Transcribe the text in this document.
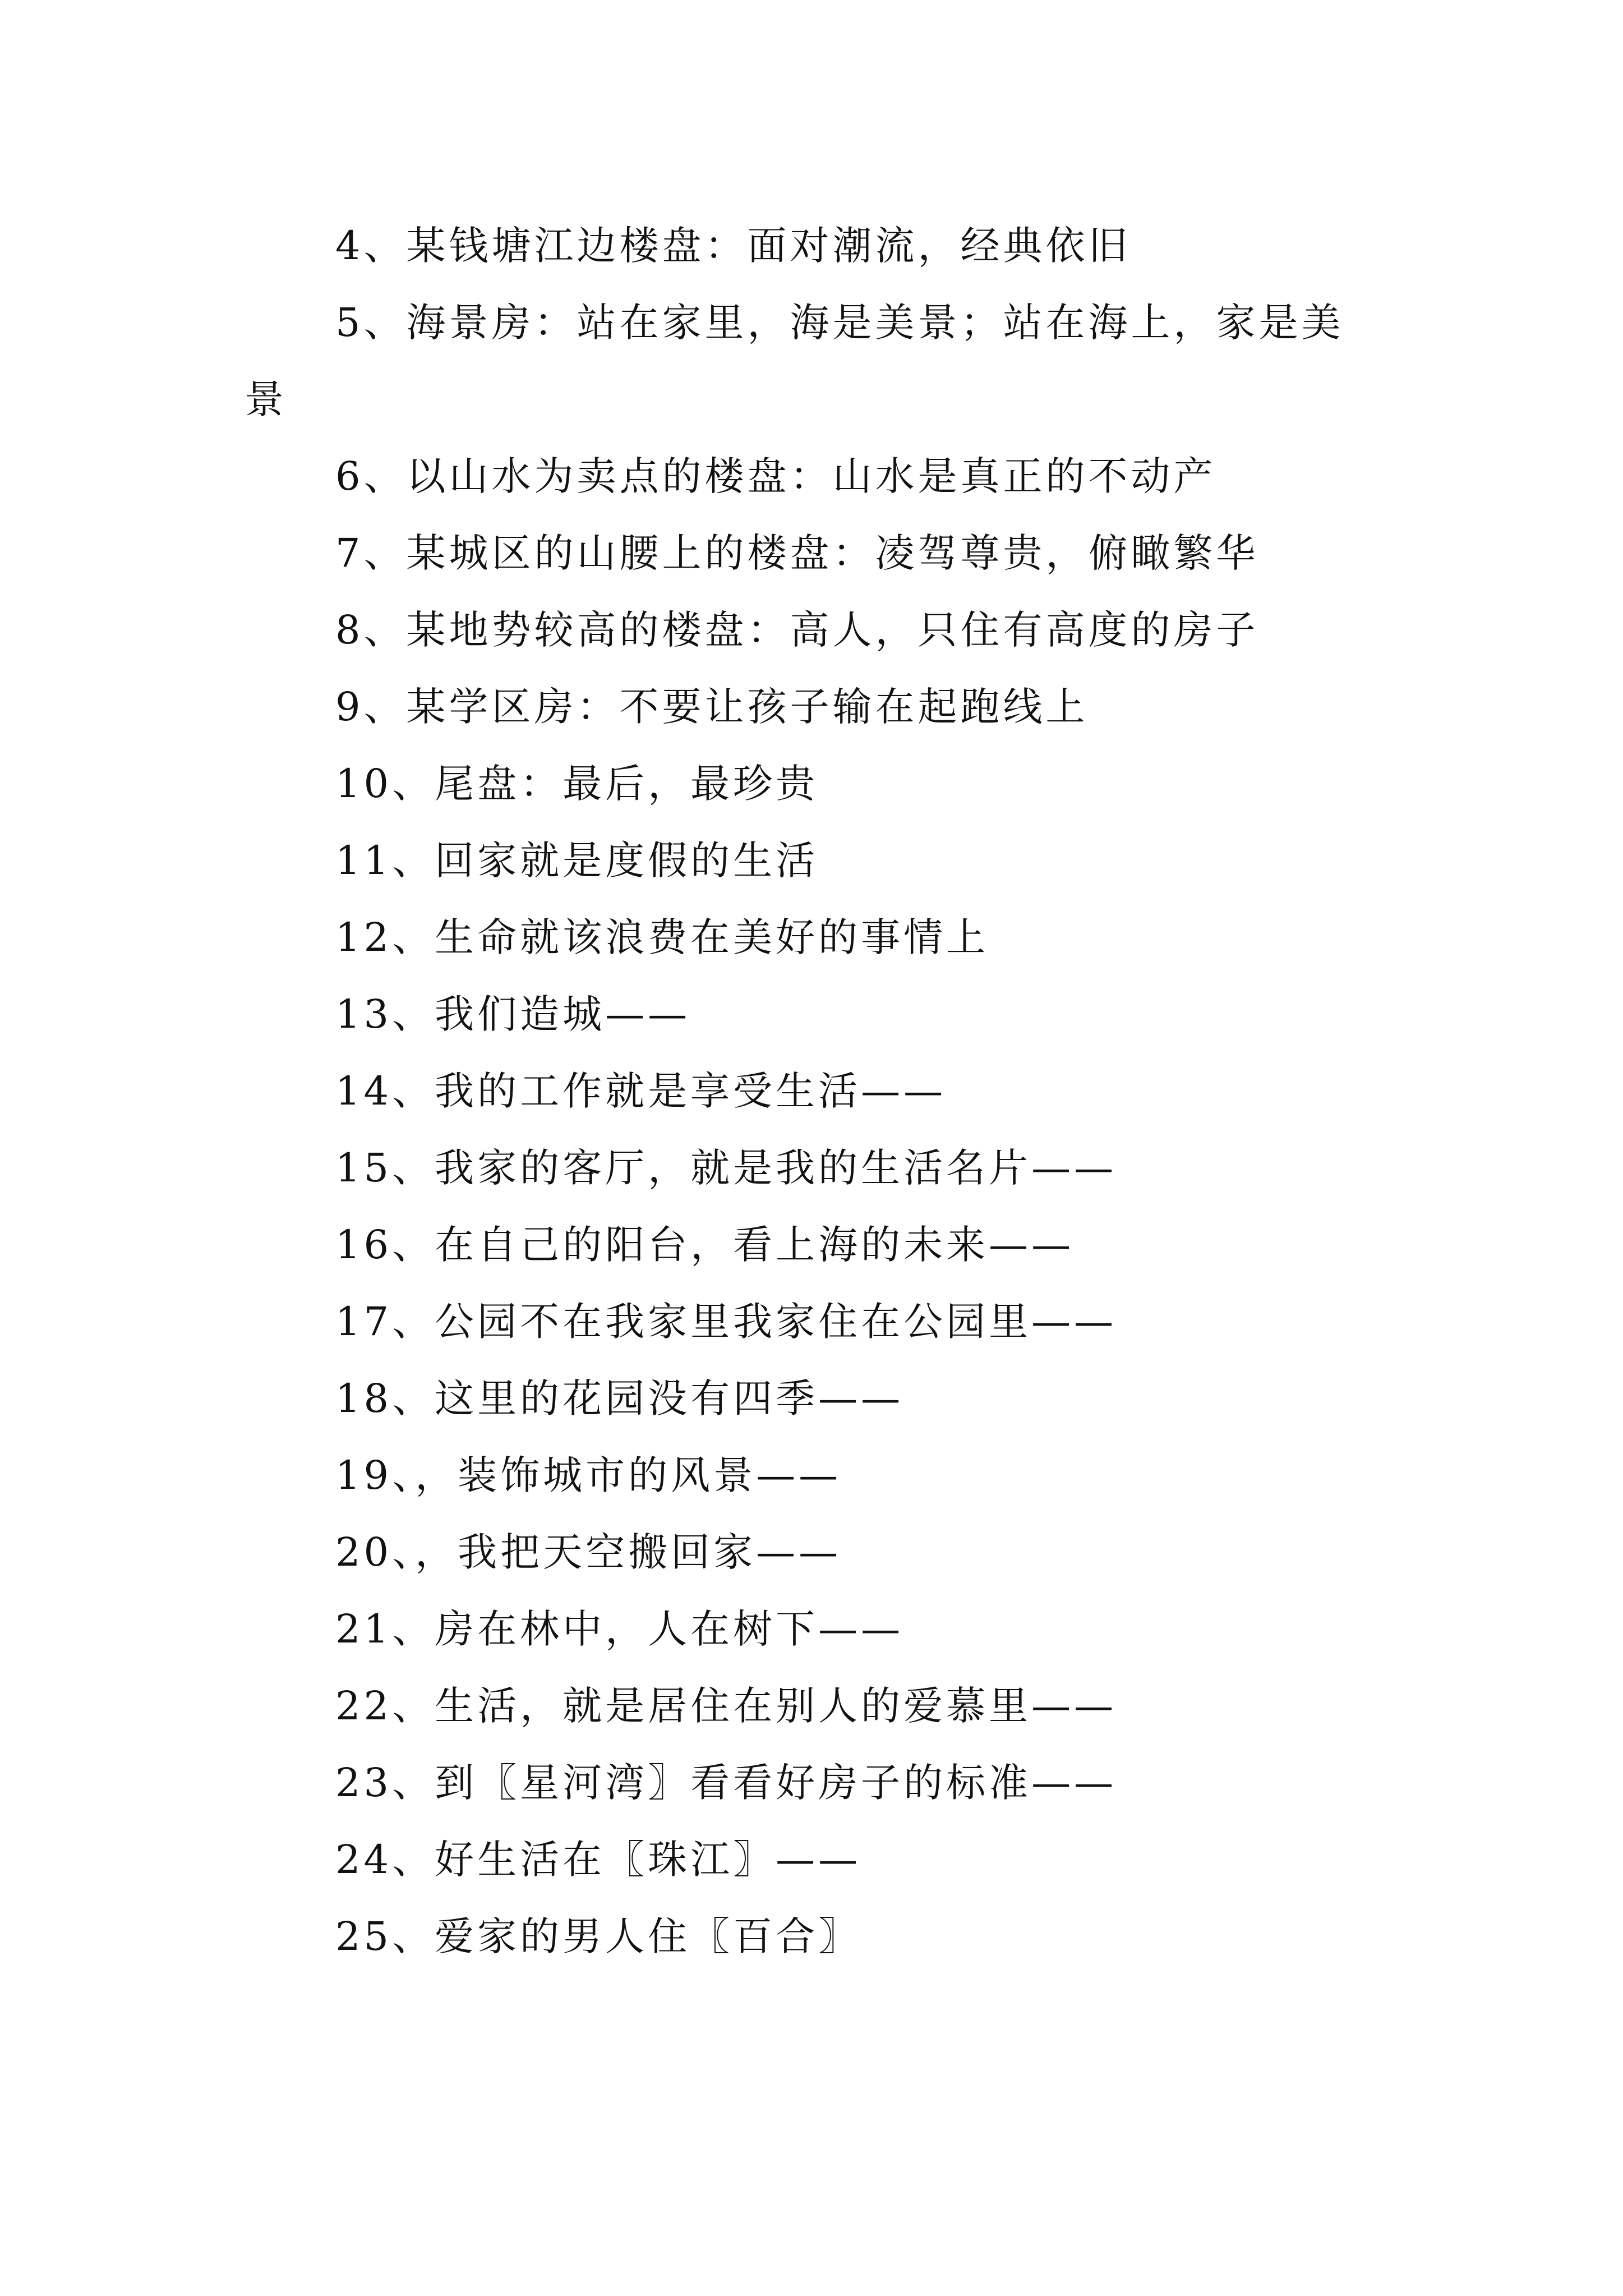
4、某钱塘江边楼盘：面对潮流，经典依旧

5、海景房：站在家里，海是美景；站在海上，家是美
景

6、以山水为卖点的楼盘：山水是真正的不动产

7、某城区的山腰上的楼盘：凌驾尊贵，俯瞰繁华

8、某地势较高的楼盘：高人，只住有高度的房子

9、某学区房：不要让孩子输在起跑线上

10、尾盘：最后，最珍贵

11、回家就是度假的生活

12、生命就该浪费在美好的事情上

13、我们造城——

14、我的工作就是享受生活——

15、我家的客厅，就是我的生活名片——

16、在自己的阳台，看上海的未来——

17、公园不在我家里我家住在公园里——

18、这里的花园没有四季——

19、，装饰城市的风景——

20、，我把天空搬回家——

21、房在林中，人在树下——

22、生活，就是居住在别人的爱慕里——

23、到〖星河湾〗看看好房子的标准——

24、好生活在〖珠江〗——

25、爱家的男人住〖百合〗
